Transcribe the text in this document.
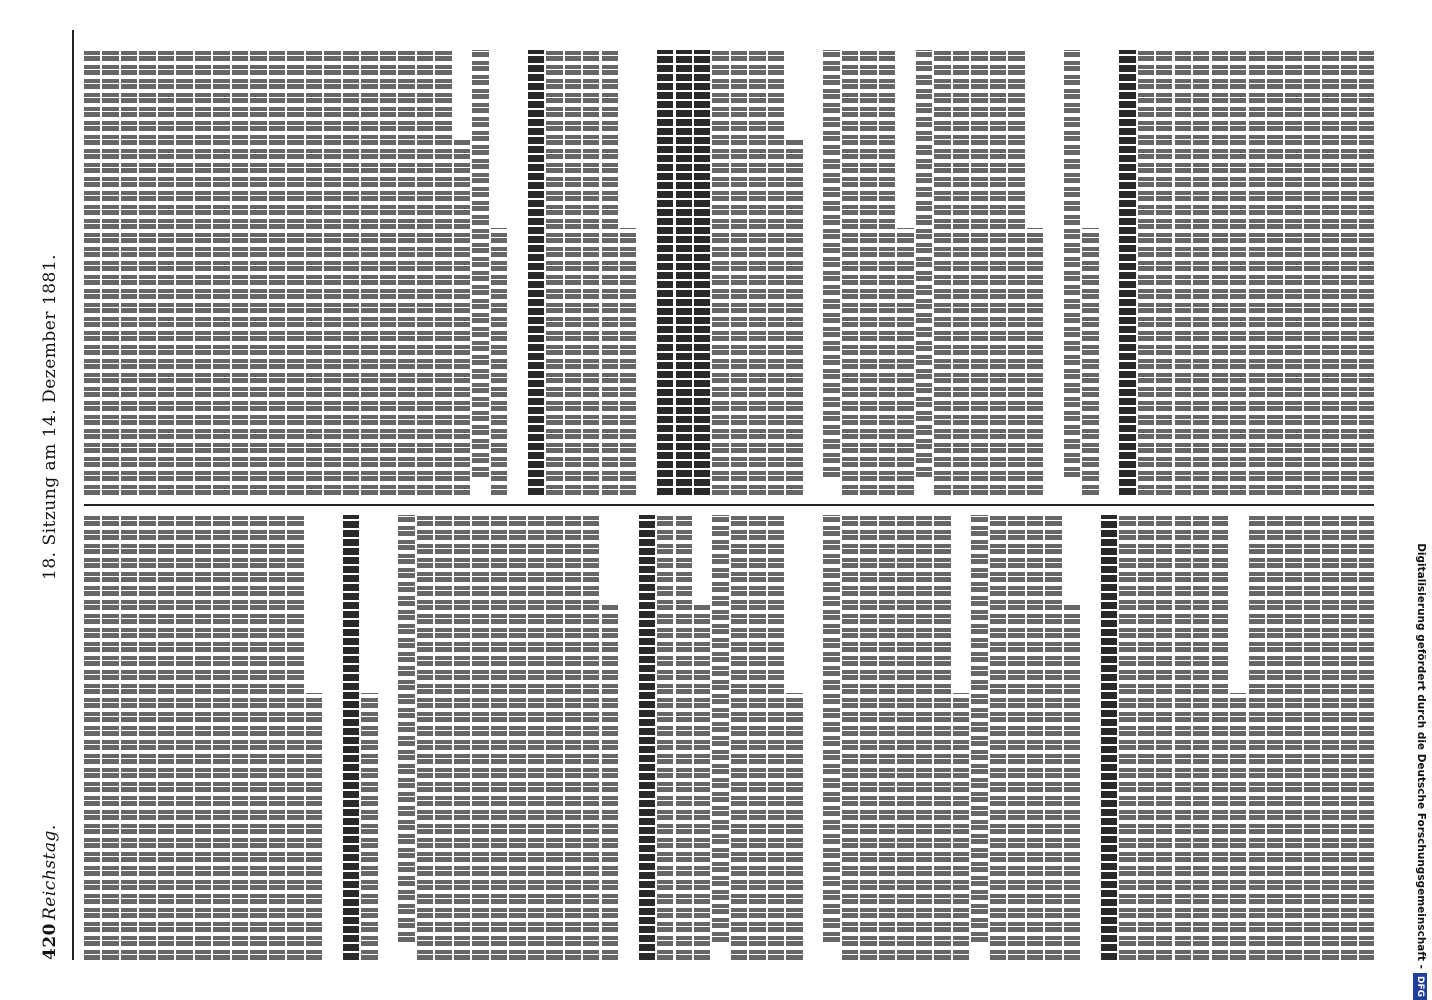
420
Reichstag.
18. Sitzung am 14. Dezember 1881.
Digitalisierung gefördert durch die Deutsche Forschungsgemeinschaft -DFG
